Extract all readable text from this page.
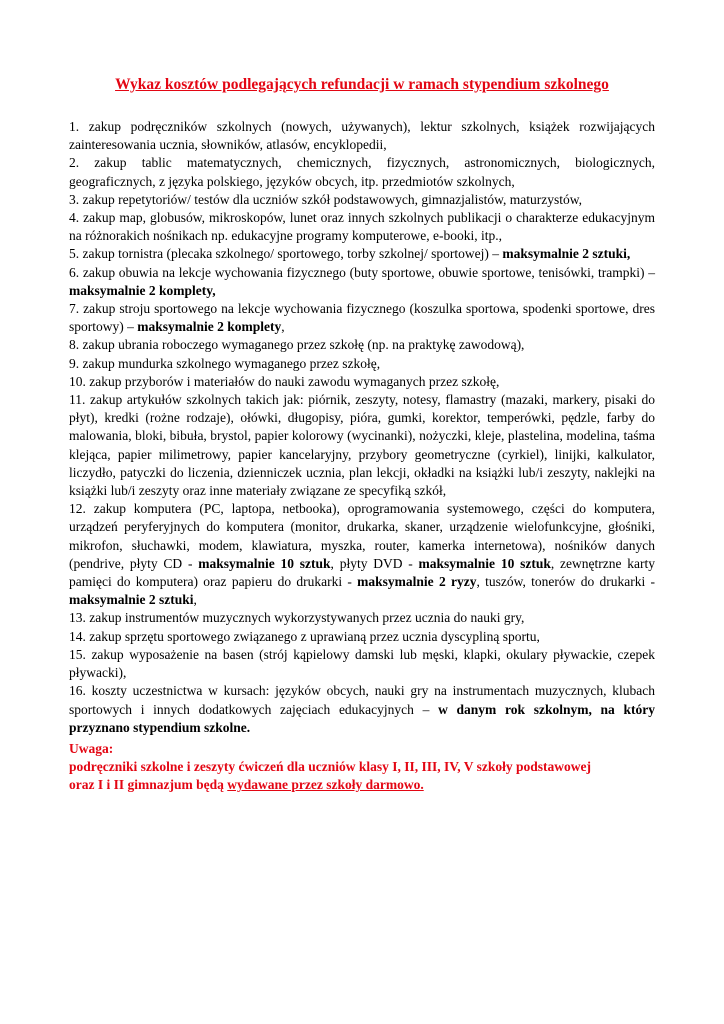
Wykaz kosztów podlegających refundacji w ramach stypendium szkolnego
1. zakup podręczników szkolnych (nowych, używanych), lektur szkolnych, książek rozwijających zainteresowania ucznia, słowników, atlasów, encyklopedii,
2. zakup tablic matematycznych, chemicznych, fizycznych, astronomicznych, biologicznych, geograficznych, z języka polskiego, języków obcych, itp. przedmiotów szkolnych,
3. zakup repetytoriów/ testów dla uczniów szkół podstawowych, gimnazjalistów, maturzystów,
4. zakup map, globusów, mikroskopów, lunet oraz innych szkolnych publikacji o charakterze edukacyjnym na różnorakich nośnikach np. edukacyjne programy komputerowe, e-booki, itp.,
5. zakup tornistra (plecaka szkolnego/ sportowego, torby szkolnej/ sportowej) – maksymalnie 2 sztuki,
6. zakup obuwia na lekcje wychowania fizycznego (buty sportowe, obuwie sportowe, tenisówki, trampki) – maksymalnie 2 komplety,
7. zakup stroju sportowego na lekcje wychowania fizycznego (koszulka sportowa, spodenki sportowe, dres sportowy) – maksymalnie 2 komplety,
8. zakup ubrania roboczego wymaganego przez szkołę (np. na praktykę zawodową),
9. zakup mundurka szkolnego wymaganego przez szkołę,
10. zakup przyborów i materiałów do nauki zawodu wymaganych przez szkołę,
11. zakup artykułów szkolnych takich jak: piórnik, zeszyty, notesy, flamastry (mazaki, markery, pisaki do płyt), kredki (rożne rodzaje), ołówki, długopisy, pióra, gumki, korektor, temperówki, pędzle, farby do malowania, bloki, bibuła, brystol, papier kolorowy (wycinanki), nożyczki, kleje, plastelina, modelina, taśma klejąca, papier milimetrowy, papier kancelaryjny, przybory geometryczne (cyrkiel), linijki, kalkulator, liczydło, patyczki do liczenia, dzienniczek ucznia, plan lekcji, okładki na książki lub/i zeszyty, naklejki na książki lub/i zeszyty oraz inne materiały związane ze specyfiką szkół,
12. zakup komputera (PC, laptopa, netbooka), oprogramowania systemowego, części do komputera, urządzeń peryferyjnych do komputera (monitor, drukarka, skaner, urządzenie wielofunkcyjne, głośniki, mikrofon, słuchawki, modem, klawiatura, myszka, router, kamerka internetowa), nośników danych (pendrive, płyty CD - maksymalnie 10 sztuk, płyty DVD - maksymalnie 10 sztuk, zewnętrzne karty pamięci do komputera) oraz papieru do drukarki - maksymalnie 2 ryzy, tuszów, tonerów do drukarki - maksymalnie 2 sztuki,
13. zakup instrumentów muzycznych wykorzystywanych przez ucznia do nauki gry,
14. zakup sprzętu sportowego związanego z uprawianą przez ucznia dyscypliną sportu,
15. zakup wyposażenie na basen (strój kąpielowy damski lub męski, klapki, okulary pływackie, czepek pływacki),
16. koszty uczestnictwa w kursach: języków obcych, nauki gry na instrumentach muzycznych, klubach sportowych i innych dodatkowych zajęciach edukacyjnych – w danym rok szkolnym, na który przyznano stypendium szkolne.
Uwaga:
podręczniki szkolne i zeszyty ćwiczeń dla uczniów klasy I, II, III, IV, V szkoły podstawowej
oraz I i II gimnazjum będą wydawane przez szkoły darmowo.
